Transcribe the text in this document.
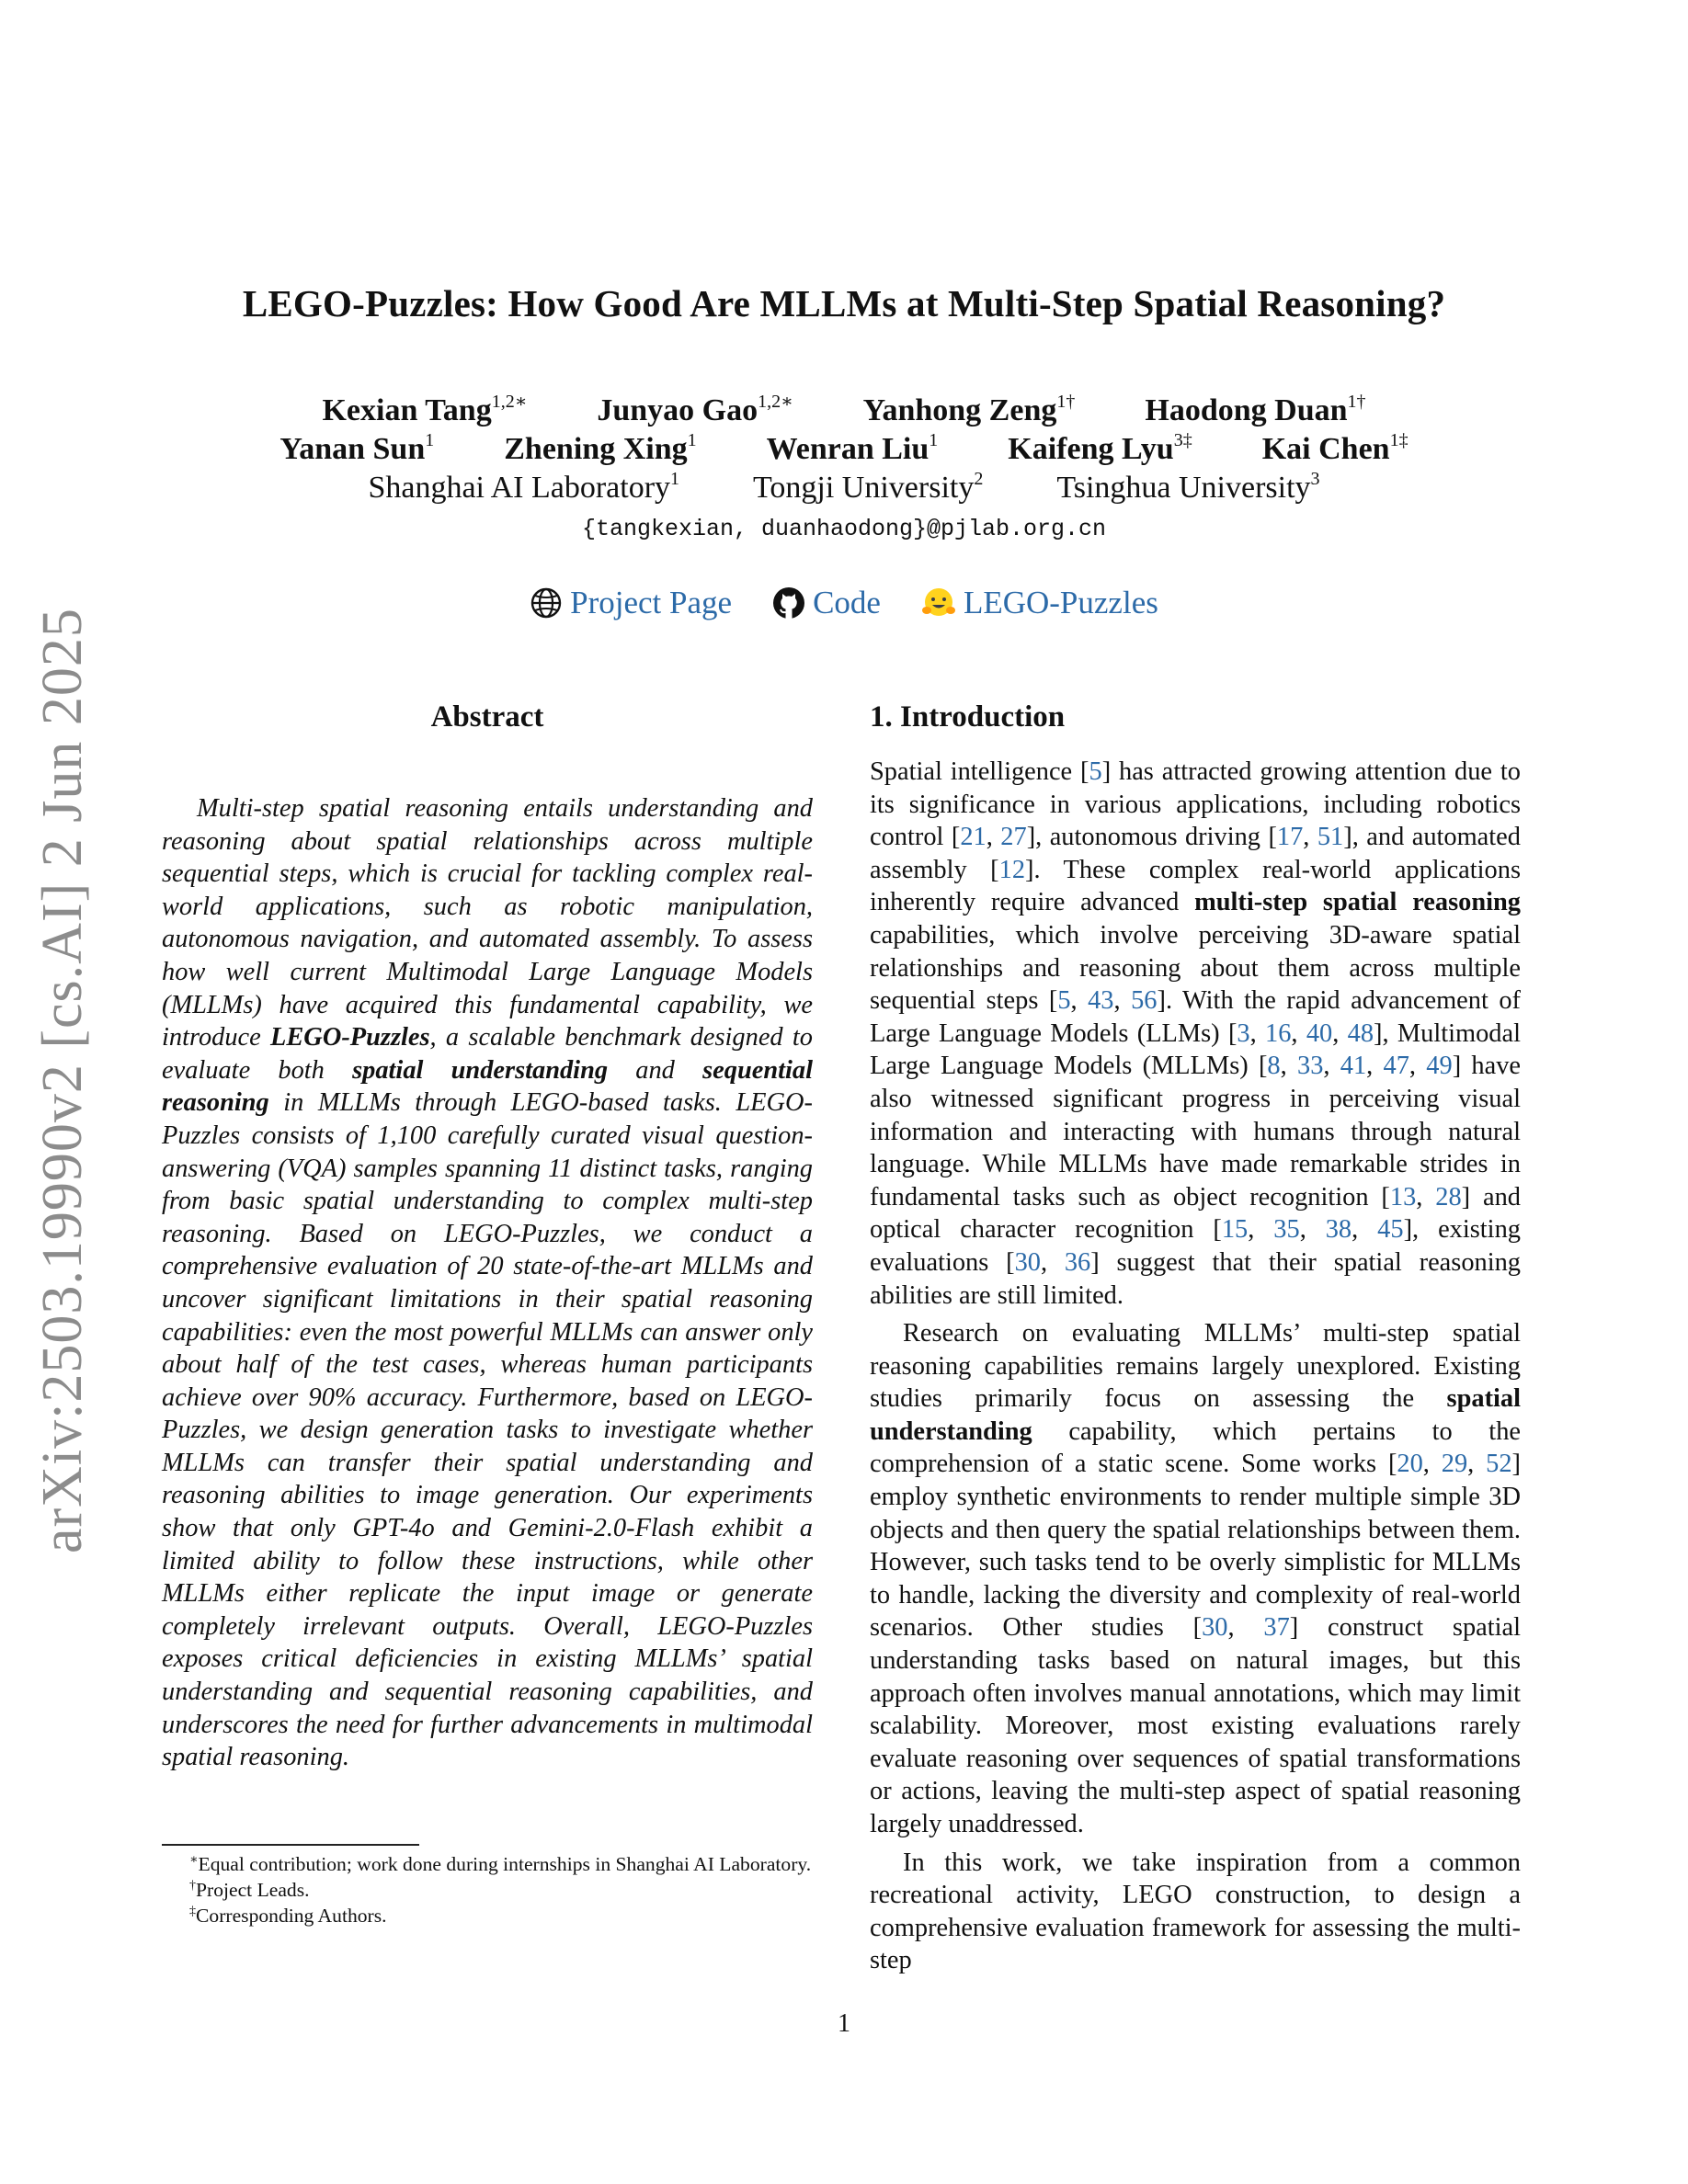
arXiv:2503.19990v2 [cs.AI] 2 Jun 2025
LEGO-Puzzles: How Good Are MLLMs at Multi-Step Spatial Reasoning?
Kexian Tang$^{1,2∗}$ Junyao Gao$^{1,2∗}$ Yanhong Zeng$^{1\dagger}$ Haodong Duan$^{1\dagger}$
Yanan Sun$^1$ Zhening Xing$^1$ Wenran Liu$^1$ Kaifeng Lyu$^{3\ddagger}$ Kai Chen$^{1\ddagger}$
Shanghai AI Laboratory$^1$ Tongji University$^2$ Tsinghua University$^3$
{tangkexian, duanhaodong}@pjlab.org.cn
Project Page	Code	LEGO-Puzzles
Abstract

Multi-step spatial reasoning entails understanding and reasoning about spatial relationships across multiple sequential steps, which is crucial for tackling complex real-world applications, such as robotic manipulation, autonomous navigation, and automated assembly. To assess how well current Multimodal Large Language Models (MLLMs) have acquired this fundamental capability, we introduce LEGO-Puzzles, a scalable benchmark designed to evaluate both spatial understanding and sequential reasoning in MLLMs through LEGO-based tasks. LEGO-Puzzles consists of 1,100 carefully curated visual question-answering (VQA) samples spanning 11 distinct tasks, ranging from basic spatial understanding to complex multi-step reasoning. Based on LEGO-Puzzles, we conduct a comprehensive evaluation of 20 state-of-the-art MLLMs and uncover significant limitations in their spatial reasoning capabilities: even the most powerful MLLMs can answer only about half of the test cases, whereas human participants achieve over 90% accuracy. Furthermore, based on LEGO-Puzzles, we design generation tasks to investigate whether MLLMs can transfer their spatial understanding and reasoning abilities to image generation. Our experiments show that only GPT-4o and Gemini-2.0-Flash exhibit a limited ability to follow these instructions, while other MLLMs either replicate the input image or generate completely irrelevant outputs. Overall, LEGO-Puzzles exposes critical deficiencies in existing MLLMs’ spatial understanding and sequential reasoning capabilities, and underscores the need for further advancements in multimodal spatial reasoning.

1. Introduction

Spatial intelligence [5] has attracted growing attention due to its significance in various applications, including robotics control [21, 27], autonomous driving [17, 51], and automated assembly [12]. These complex real-world applications inherently require advanced multi-step spatial reasoning capabilities, which involve perceiving 3D-aware spatial relationships and reasoning about them across multiple sequential steps [5, 43, 56]. With the rapid advancement of Large Language Models (LLMs) [3, 16, 40, 48], Multimodal Large Language Models (MLLMs) [8, 33, 41, 47, 49] have also witnessed significant progress in perceiving visual information and interacting with humans through natural language. While MLLMs have made remarkable strides in fundamental tasks such as object recognition [13, 28] and optical character recognition [15, 35, 38, 45], existing evaluations [30, 36] suggest that their spatial reasoning abilities are still limited.

Research on evaluating MLLMs’ multi-step spatial reasoning capabilities remains largely unexplored. Existing studies primarily focus on assessing the spatial understanding capability, which pertains to the comprehension of a static scene. Some works [20, 29, 52] employ synthetic environments to render multiple simple 3D objects and then query the spatial relationships between them. However, such tasks tend to be overly simplistic for MLLMs to handle, lacking the diversity and complexity of real-world scenarios. Other studies [30, 37] construct spatial understanding tasks based on natural images, but this approach often involves manual annotations, which may limit scalability. Moreover, most existing evaluations rarely evaluate reasoning over sequences of spatial transformations or actions, leaving the multi-step aspect of spatial reasoning largely unaddressed.

In this work, we take inspiration from a common recreational activity, LEGO construction, to design a comprehensive evaluation framework for assessing the multi-step

∗Equal contribution; work done during internships in Shanghai AI Laboratory.

†Project Leads.

‡Corresponding Authors.

1
